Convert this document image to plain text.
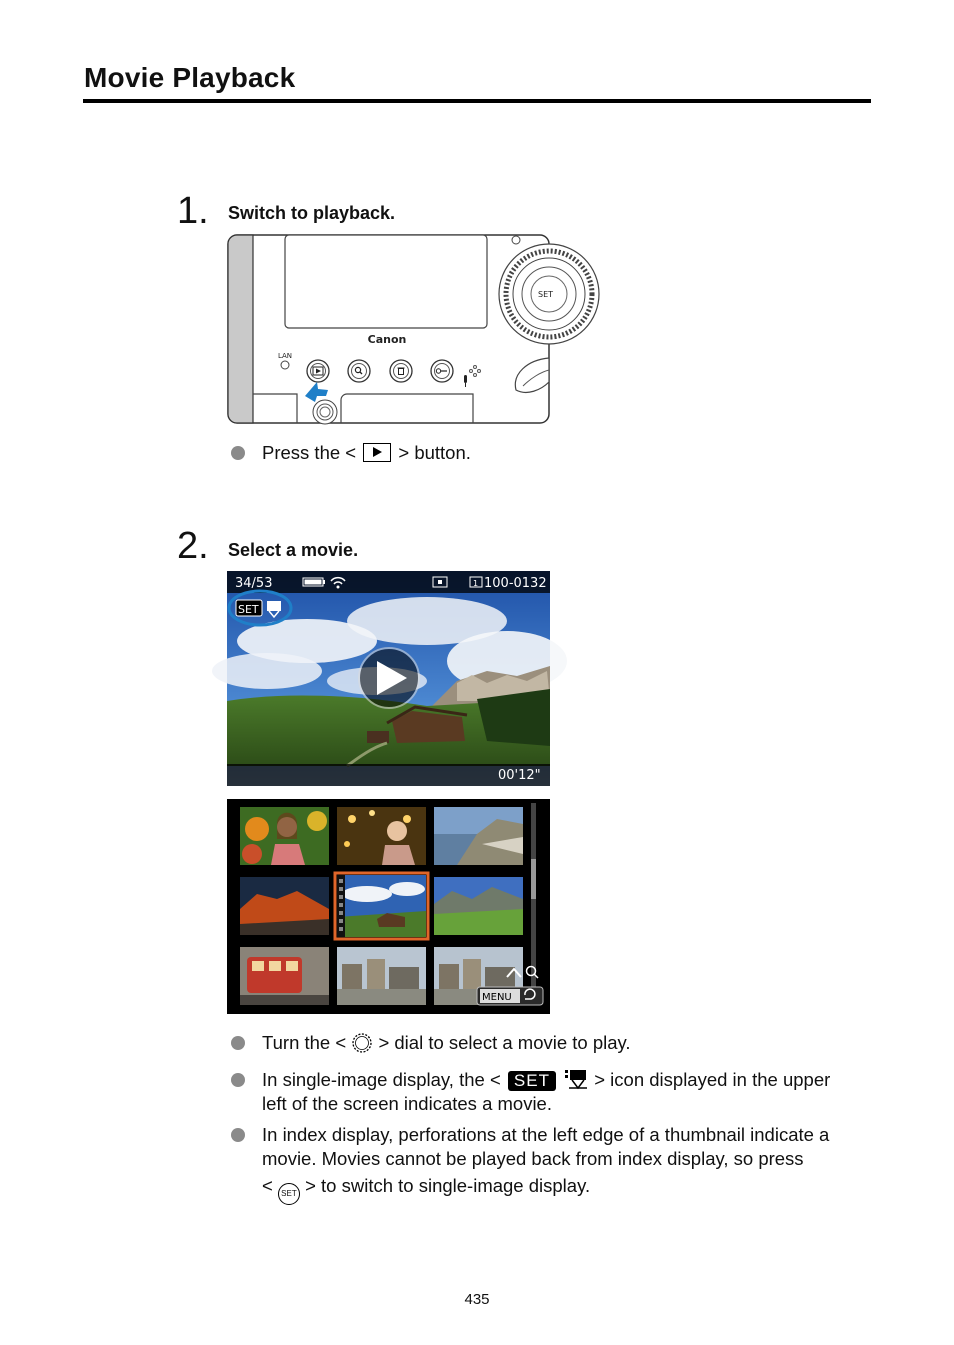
Movie Playback
1. Switch to playback.
Canon
LAN
SET
Press the < > button.
2. Select a movie.
34/53	1 100-0132
SET
00'12"
MENU
Turn the < > dial to select a movie to play.
In single-image display, the < SET > icon displayed in the upper
left of the screen indicates a movie.
In index display, perforations at the left edge of a thumbnail indicate a
movie. Movies cannot be played back from index display, so press
< SET > to switch to single-image display.
435
